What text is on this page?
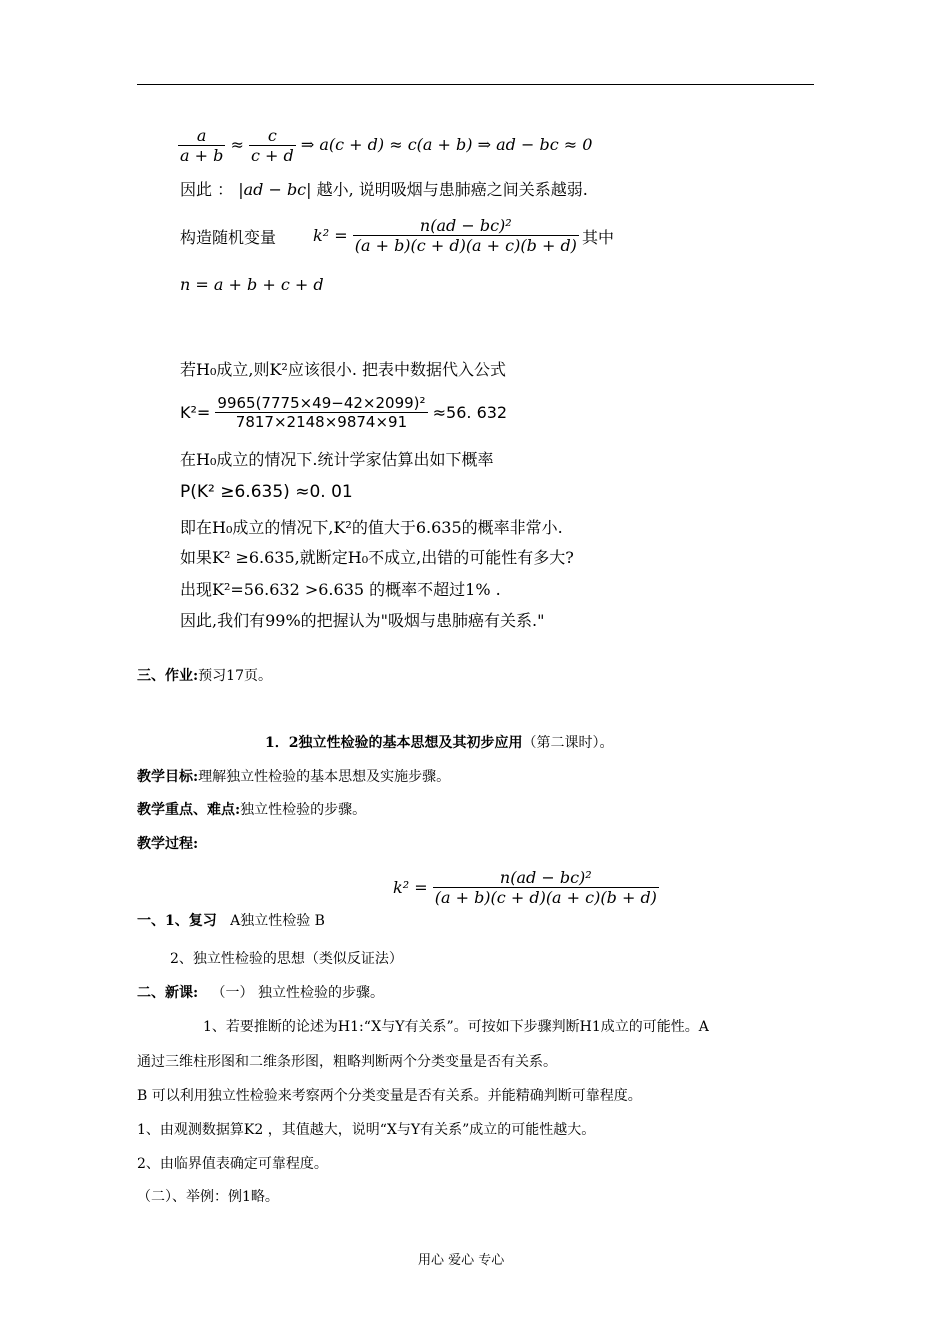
$\frac{a}{a + b} \approx \frac{c}{c + d}$ ⇒ a(c + d) ≈ c(a + b) ⇒ ad − bc ≈ 0
因此 ： |ad − bc| 越小, 说明吸烟与患肺癌之间关系越弱.
构造随机变量 $k^2 = \frac{\text{n(ad − bc)²}}{(a + b)(c + d)(a + c)(b + d)}$ 其中
n = a + b + c + d
若H₀成立,则K²应该很小. 把表中数据代入公式
$K^2= \frac{\text{9965(7775×49−42×2099)²}}{7817\times 2148\times 9874\times 91} \approx 56$. 632
在H₀成立的情况下.统计学家估算出如下概率
P(K² ≥6.635) ≈0. 01
即在H₀成立的情况下,K²的值大于6.635的概率非常小.
如果K² ≥6.635,就断定H₀不成立,出错的可能性有多大?
出现K²=56.632 >6.635 的概率不超过1% .
因此,我们有99%的把握认为"吸烟与患肺癌有关系."
三、作业:预习17页。
1．2独立性检验的基本思想及其初步应用（第二课时）。
教学目标:理解独立性检验的基本思想及实施步骤。
教学重点、难点:独立性检验的步骤。
教学过程:
$k^2 = \frac{\text{n(ad − bc)²}}{(a + b)(c + d)(a + c)(b + d)}$
一、1、复习 A独立性检验 B
2、独立性检验的思想（类似反证法）
二、新课: （一） 独立性检验的步骤。
1、若要推断的论述为H1:“X与Y有关系”。可按如下步骤判断H1成立的可能性。A
通过三维柱形图和二维条形图，粗略判断两个分类变量是否有关系。
B 可以利用独立性检验来考察两个分类变量是否有关系。并能精确判断可靠程度。
1、由观测数据算K2 ，其值越大，说明“X与Y有关系”成立的可能性越大。
2、由临界值表确定可靠程度。
（二）、举例：例1略。
用心 爱心 专心
